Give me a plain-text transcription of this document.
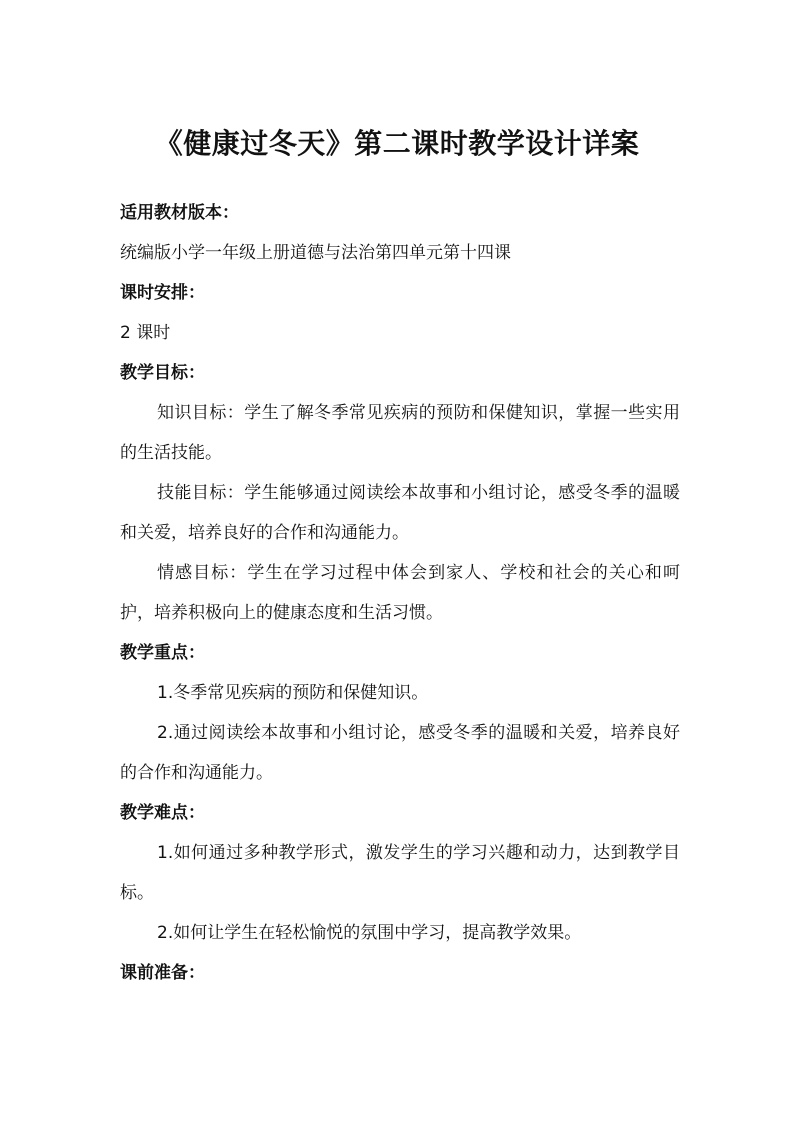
《健康过冬天》第二课时教学设计详案

适用教材版本：

统编版小学一年级上册道德与法治第四单元第十四课

课时安排：

2 课时

教学目标：

知识目标：学生了解冬季常见疾病的预防和保健知识，掌握一些实用的生活技能。

技能目标：学生能够通过阅读绘本故事和小组讨论，感受冬季的温暖和关爱，培养良好的合作和沟通能力。

情感目标：学生在学习过程中体会到家人、学校和社会的关心和呵护，培养积极向上的健康态度和生活习惯。

教学重点：

1.冬季常见疾病的预防和保健知识。

2.通过阅读绘本故事和小组讨论，感受冬季的温暖和关爱，培养良好的合作和沟通能力。

教学难点：

1.如何通过多种教学形式，激发学生的学习兴趣和动力，达到教学目标。

2.如何让学生在轻松愉悦的氛围中学习，提高教学效果。

课前准备：
